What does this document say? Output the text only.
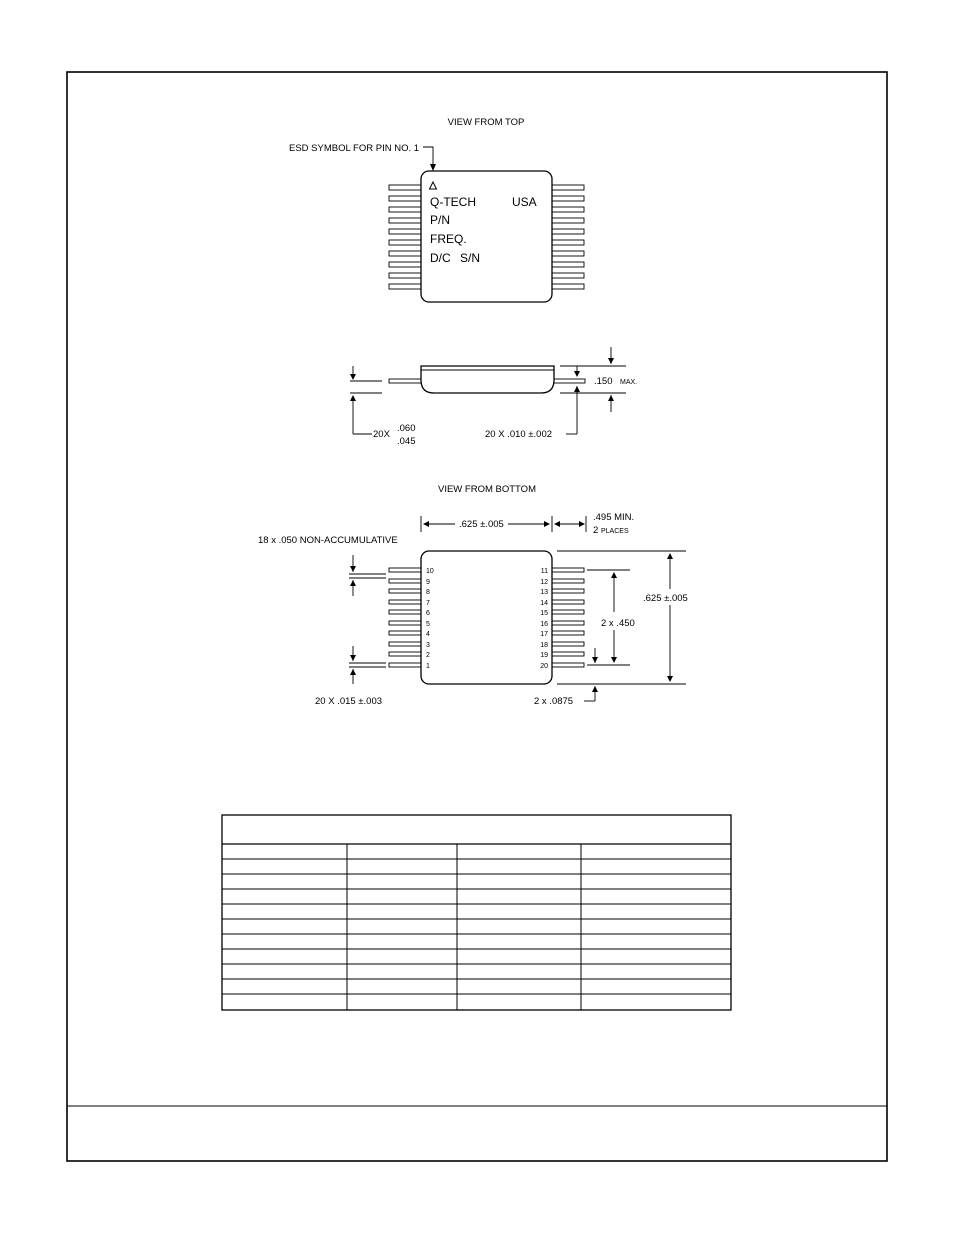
VIEW FROM TOP
ESD SYMBOL FOR PIN NO. 1
Q-TECH	USA
P/N
FREQ.
D/C S/N
20X
.060
.045
20 X .010 ±.002
.150 MAX.
VIEW FROM BOTTOM
.625 ±.005
.495 MIN.
2 PLACES
18 x .050 NON-ACCUMULATIVE
10
9
8
7
6
5
4
3
2
1
11
12
13
14
15
16
17
18
19
20
.625 ±.005
2 x .450
2 x .0875
20 X .015 ±.003
